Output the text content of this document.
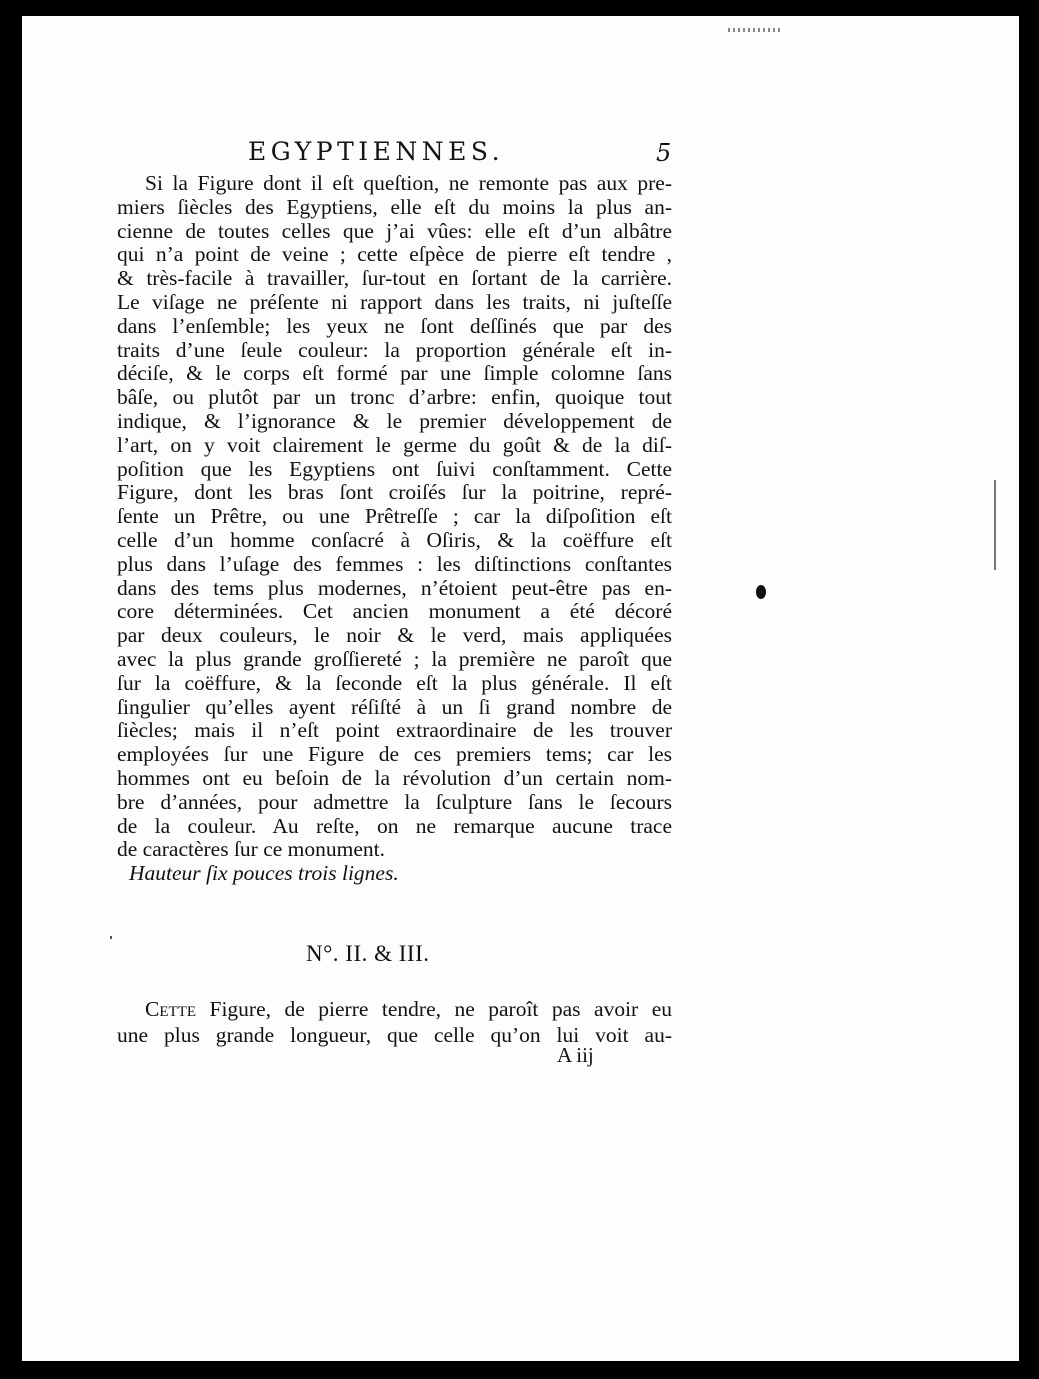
EGYPTIENNES.	5
Si la Figure dont il eſt queſtion, ne remonte pas aux pre-
miers ſiècles des Egyptiens, elle eſt du moins la plus an-
cienne de toutes celles que j’ai vûes: elle eſt d’un albâtre
qui n’a point de veine ; cette eſpèce de pierre eſt tendre ,
& très-facile à travailler, ſur-tout en ſortant de la carrière.
Le viſage ne préſente ni rapport dans les traits, ni juſteſſe
dans l’enſemble; les yeux ne ſont deſſinés que par des
traits d’une ſeule couleur: la proportion générale eſt in-
déciſe, & le corps eſt formé par une ſimple colomne ſans
bâſe, ou plutôt par un tronc d’arbre: enfin, quoique tout
indique, & l’ignorance & le premier développement de
l’art, on y voit clairement le germe du goût & de la diſ-
poſition que les Egyptiens ont ſuivi conſtamment. Cette
Figure, dont les bras ſont croiſés ſur la poitrine, repré-
ſente un Prêtre, ou une Prêtreſſe ; car la diſpoſition eſt
celle d’un homme conſacré à Oſiris, & la coëffure eſt
plus dans l’uſage des femmes : les diſtinctions conſtantes
dans des tems plus modernes, n’étoient peut-être pas en-
core déterminées. Cet ancien monument a été décoré
par deux couleurs, le noir & le verd, mais appliquées
avec la plus grande groſſiereté ; la première ne paroît que
ſur la coëffure, & la ſeconde eſt la plus générale. Il eſt
ſingulier qu’elles ayent réſiſté à un ſi grand nombre de
ſiècles; mais il n’eſt point extraordinaire de les trouver
employées ſur une Figure de ces premiers tems; car les
hommes ont eu beſoin de la révolution d’un certain nom-
bre d’années, pour admettre la ſculpture ſans le ſecours
de la couleur. Au reſte, on ne remarque aucune trace
de caractères ſur ce monument.
Hauteur ſix pouces trois lignes.
N°. II. & III.
Cette Figure, de pierre tendre, ne paroît pas avoir eu
une plus grande longueur, que celle qu’on lui voit au-
A iij
